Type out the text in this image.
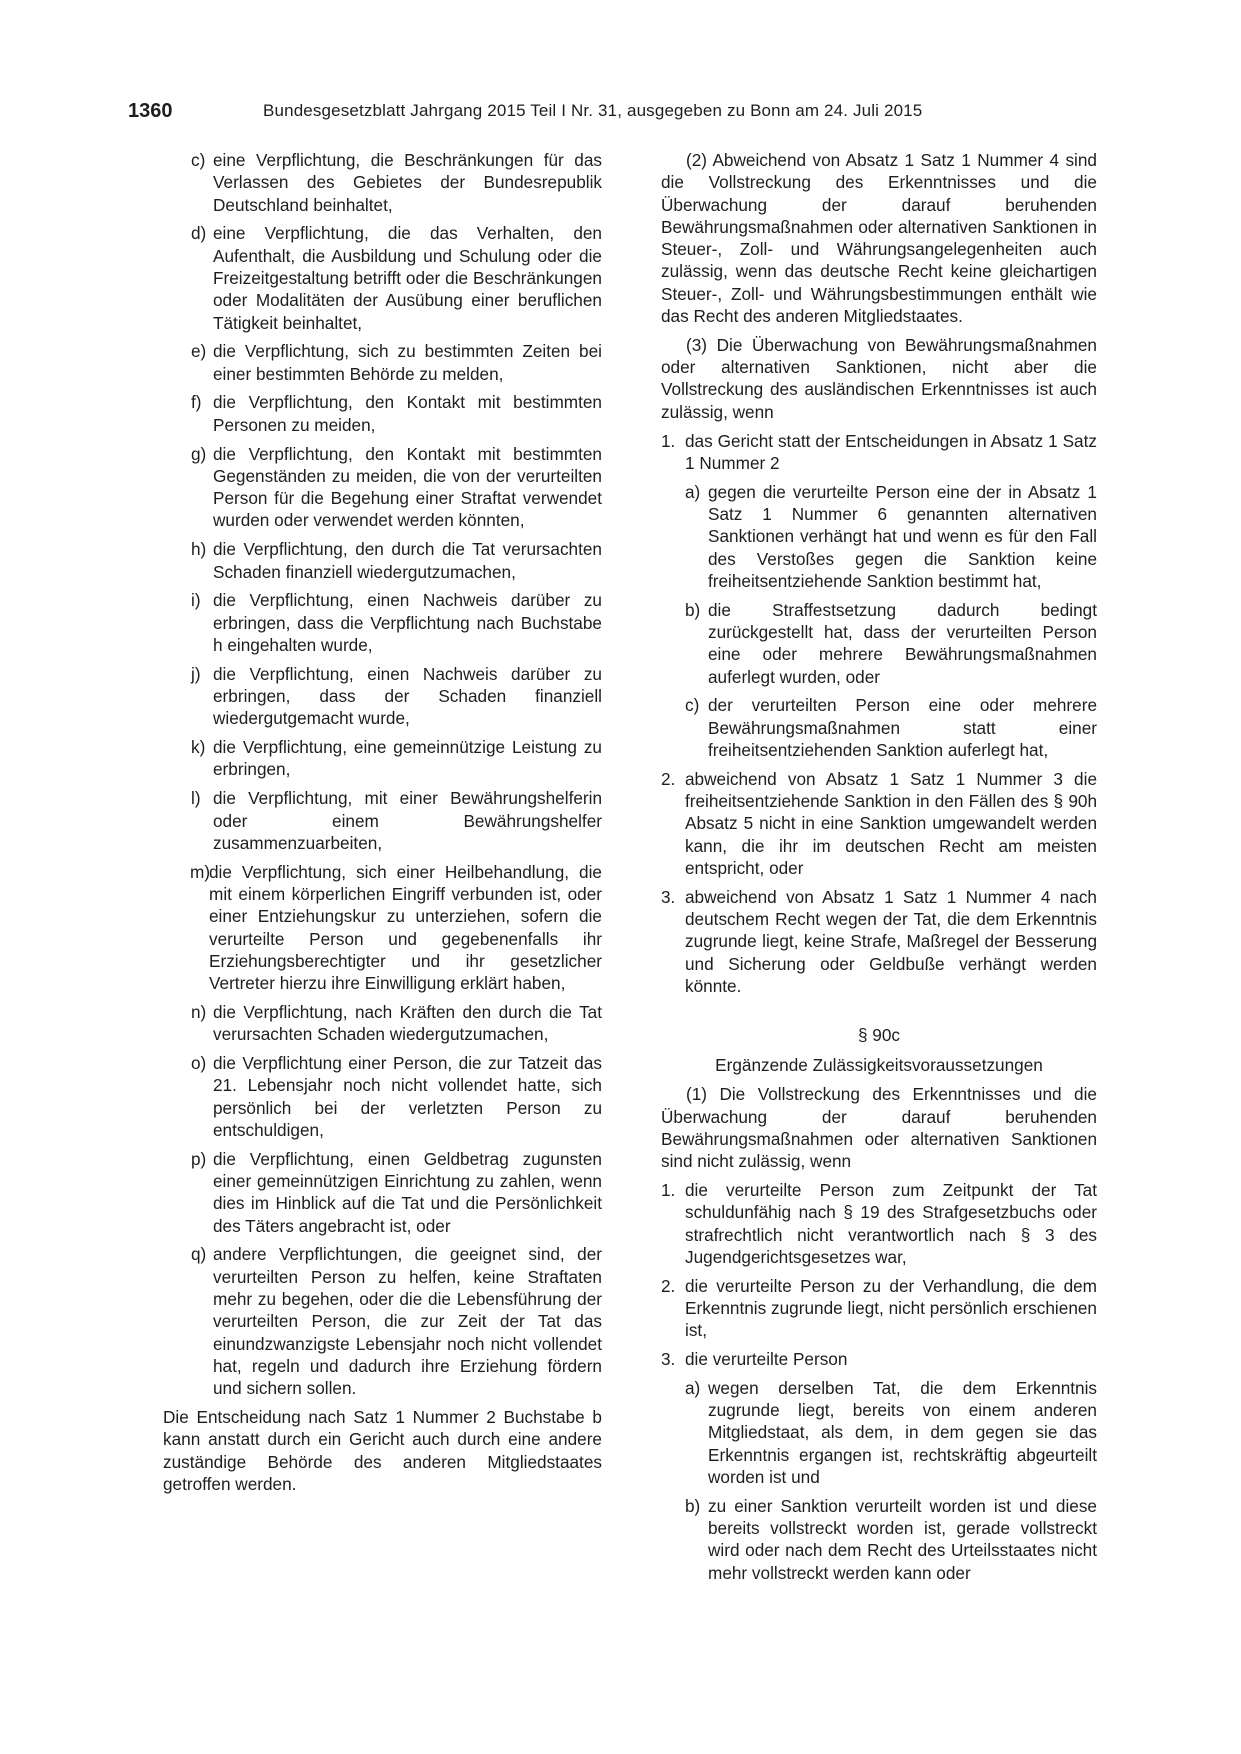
1360	Bundesgesetzblatt Jahrgang 2015 Teil I Nr. 31, ausgegeben zu Bonn am 24. Juli 2015
c) eine Verpflichtung, die Beschränkungen für das Verlassen des Gebietes der Bundesrepublik Deutschland beinhaltet,
d) eine Verpflichtung, die das Verhalten, den Aufenthalt, die Ausbildung und Schulung oder die Freizeitgestaltung betrifft oder die Beschränkungen oder Modalitäten der Ausübung einer beruflichen Tätigkeit beinhaltet,
e) die Verpflichtung, sich zu bestimmten Zeiten bei einer bestimmten Behörde zu melden,
f) die Verpflichtung, den Kontakt mit bestimmten Personen zu meiden,
g) die Verpflichtung, den Kontakt mit bestimmten Gegenständen zu meiden, die von der verurteilten Person für die Begehung einer Straftat verwendet wurden oder verwendet werden könnten,
h) die Verpflichtung, den durch die Tat verursachten Schaden finanziell wiedergutzumachen,
i) die Verpflichtung, einen Nachweis darüber zu erbringen, dass die Verpflichtung nach Buchstabe h eingehalten wurde,
j) die Verpflichtung, einen Nachweis darüber zu erbringen, dass der Schaden finanziell wiedergutgemacht wurde,
k) die Verpflichtung, eine gemeinnützige Leistung zu erbringen,
l) die Verpflichtung, mit einer Bewährungshelferin oder einem Bewährungshelfer zusammenzuarbeiten,
m)
die Verpflichtung, sich einer Heilbehandlung, die mit einem körperlichen Eingriff verbunden ist, oder einer Entziehungskur zu unterziehen, sofern die verurteilte Person und gegebenenfalls ihr Erziehungsberechtigter und ihr gesetzlicher Vertreter hierzu ihre Einwilligung erklärt haben,
n) die Verpflichtung, nach Kräften den durch die Tat verursachten Schaden wiedergutzumachen,
o) die Verpflichtung einer Person, die zur Tatzeit das 21. Lebensjahr noch nicht vollendet hatte, sich persönlich bei der verletzten Person zu entschuldigen,
p) die Verpflichtung, einen Geldbetrag zugunsten einer gemeinnützigen Einrichtung zu zahlen, wenn dies im Hinblick auf die Tat und die Persönlichkeit des Täters angebracht ist, oder
q) andere Verpflichtungen, die geeignet sind, der verurteilten Person zu helfen, keine Straftaten mehr zu begehen, oder die die Lebensführung der verurteilten Person, die zur Zeit der Tat das einundzwanzigste Lebensjahr noch nicht vollendet hat, regeln und dadurch ihre Erziehung fördern und sichern sollen.
Die Entscheidung nach Satz 1 Nummer 2 Buchstabe b kann anstatt durch ein Gericht auch durch eine andere zuständige Behörde des anderen Mitgliedstaates getroffen werden.
(2) Abweichend von Absatz 1 Satz 1 Nummer 4 sind die Vollstreckung des Erkenntnisses und die Überwachung der darauf beruhenden Bewährungsmaßnahmen oder alternativen Sanktionen in Steuer-, Zoll- und Währungsangelegenheiten auch zulässig, wenn das deutsche Recht keine gleichartigen Steuer-, Zoll- und Währungsbestimmungen enthält wie das Recht des anderen Mitgliedstaates.
(3) Die Überwachung von Bewährungsmaßnahmen oder alternativen Sanktionen, nicht aber die Vollstreckung des ausländischen Erkenntnisses ist auch zulässig, wenn
1. das Gericht statt der Entscheidungen in Absatz 1 Satz 1 Nummer 2
a) gegen die verurteilte Person eine der in Absatz 1 Satz 1 Nummer 6 genannten alternativen Sanktionen verhängt hat und wenn es für den Fall des Verstoßes gegen die Sanktion keine freiheitsentziehende Sanktion bestimmt hat,
b) die Straffestsetzung dadurch bedingt zurückgestellt hat, dass der verurteilten Person eine oder mehrere Bewährungsmaßnahmen auferlegt wurden, oder
c) der verurteilten Person eine oder mehrere Bewährungsmaßnahmen statt einer freiheitsentziehenden Sanktion auferlegt hat,
2. abweichend von Absatz 1 Satz 1 Nummer 3 die freiheitsentziehende Sanktion in den Fällen des § 90h Absatz 5 nicht in eine Sanktion umgewandelt werden kann, die ihr im deutschen Recht am meisten entspricht, oder
3. abweichend von Absatz 1 Satz 1 Nummer 4 nach deutschem Recht wegen der Tat, die dem Erkenntnis zugrunde liegt, keine Strafe, Maßregel der Besserung und Sicherung oder Geldbuße verhängt werden könnte.
§ 90c
Ergänzende Zulässigkeitsvoraussetzungen
(1) Die Vollstreckung des Erkenntnisses und die Überwachung der darauf beruhenden Bewährungsmaßnahmen oder alternativen Sanktionen sind nicht zulässig, wenn
1. die verurteilte Person zum Zeitpunkt der Tat schuldunfähig nach § 19 des Strafgesetzbuchs oder strafrechtlich nicht verantwortlich nach § 3 des Jugendgerichtsgesetzes war,
2. die verurteilte Person zu der Verhandlung, die dem Erkenntnis zugrunde liegt, nicht persönlich erschienen ist,
3. die verurteilte Person
a) wegen derselben Tat, die dem Erkenntnis zugrunde liegt, bereits von einem anderen Mitgliedstaat, als dem, in dem gegen sie das Erkenntnis ergangen ist, rechtskräftig abgeurteilt worden ist und
b) zu einer Sanktion verurteilt worden ist und diese bereits vollstreckt worden ist, gerade vollstreckt wird oder nach dem Recht des Urteilsstaates nicht mehr vollstreckt werden kann oder
